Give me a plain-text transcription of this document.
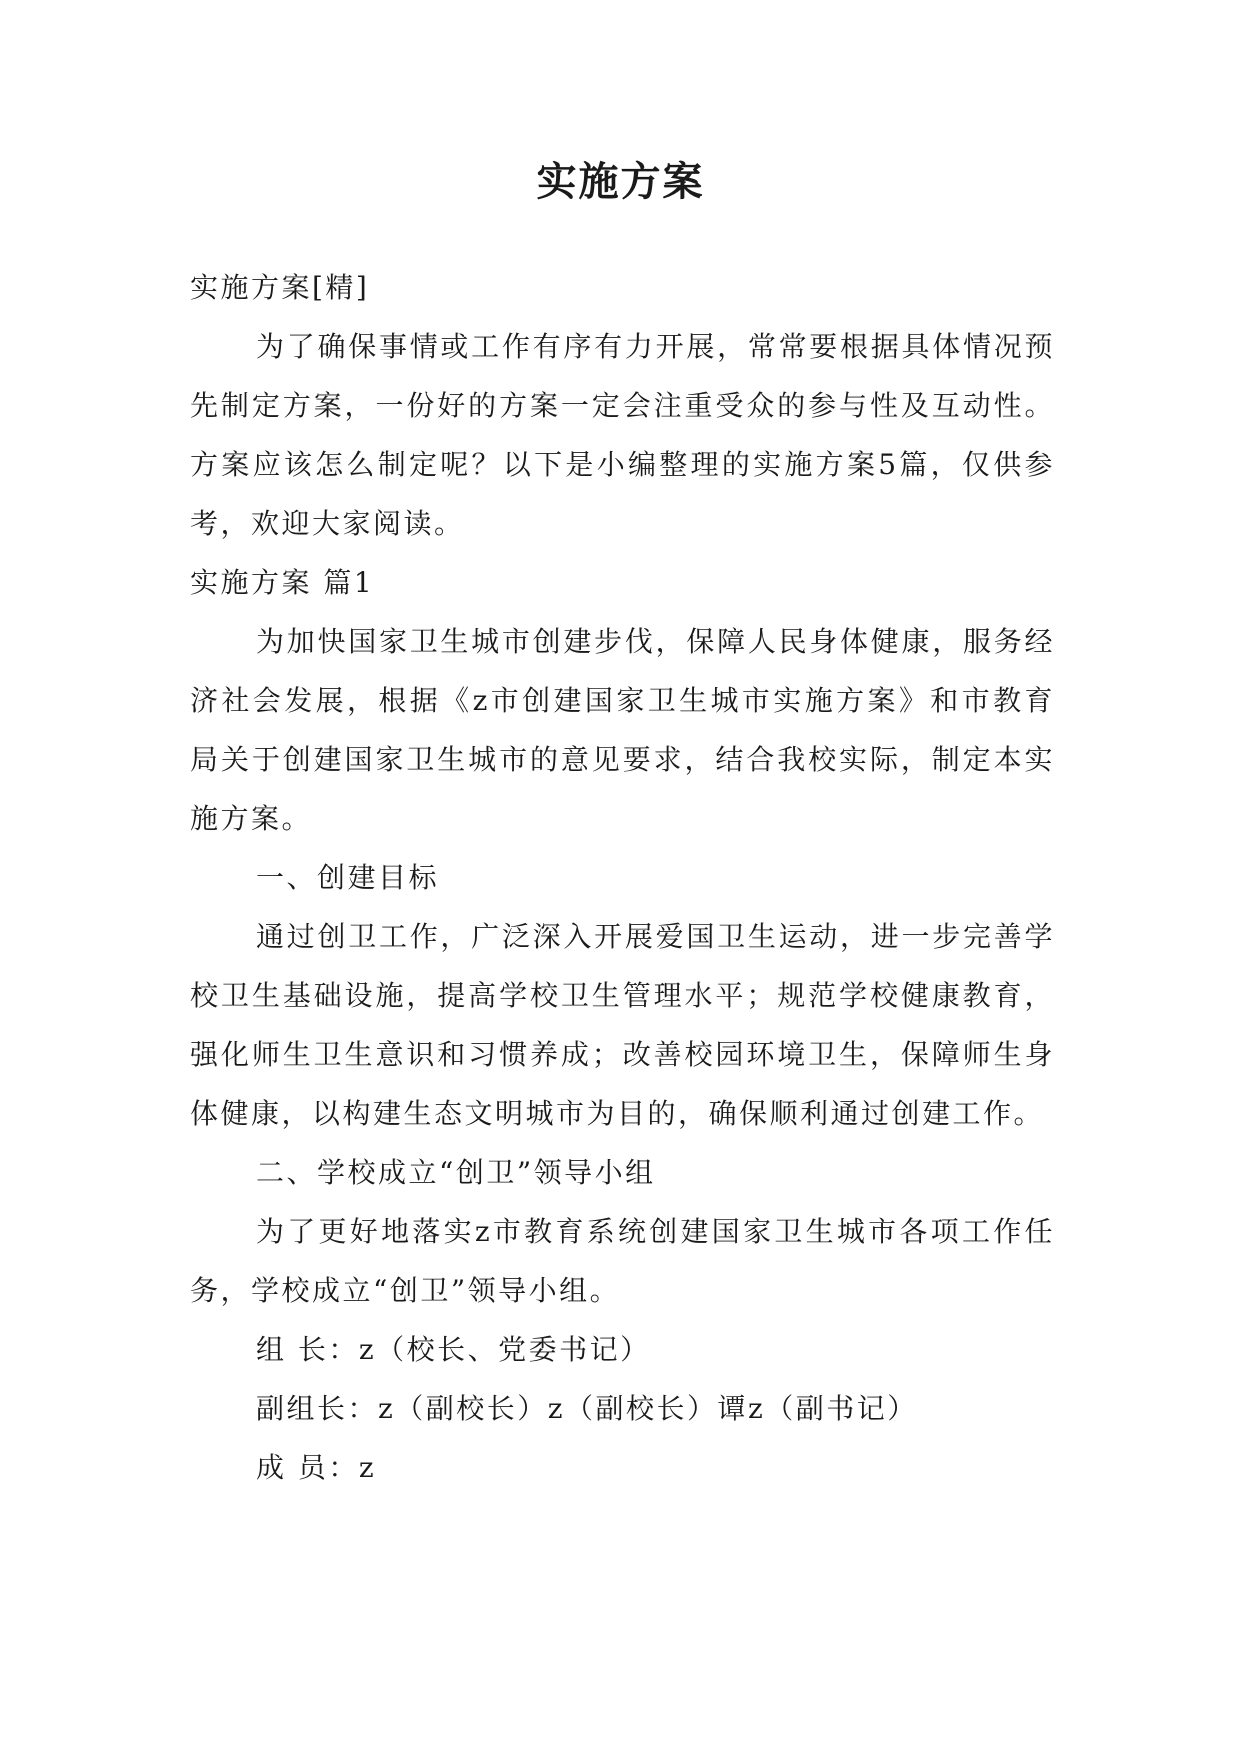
实施方案

实施方案[精]

为了确保事情或工作有序有力开展，常常要根据具体情况预先制定方案，一份好的方案一定会注重受众的参与性及互动性。方案应该怎么制定呢？以下是小编整理的实施方案5篇，仅供参考，欢迎大家阅读。

实施方案 篇1

为加快国家卫生城市创建步伐，保障人民身体健康，服务经济社会发展，根据《z市创建国家卫生城市实施方案》和市教育局关于创建国家卫生城市的意见要求，结合我校实际，制定本实施方案。

一、创建目标

通过创卫工作，广泛深入开展爱国卫生运动，进一步完善学校卫生基础设施，提高学校卫生管理水平；规范学校健康教育，强化师生卫生意识和习惯养成；改善校园环境卫生，保障师生身体健康，以构建生态文明城市为目的，确保顺利通过创建工作。

二、学校成立“创卫”领导小组

为了更好地落实z市教育系统创建国家卫生城市各项工作任务，学校成立“创卫”领导小组。

组 长：z（校长、党委书记）

副组长：z（副校长）z（副校长）谭z（副书记）

成 员：z
